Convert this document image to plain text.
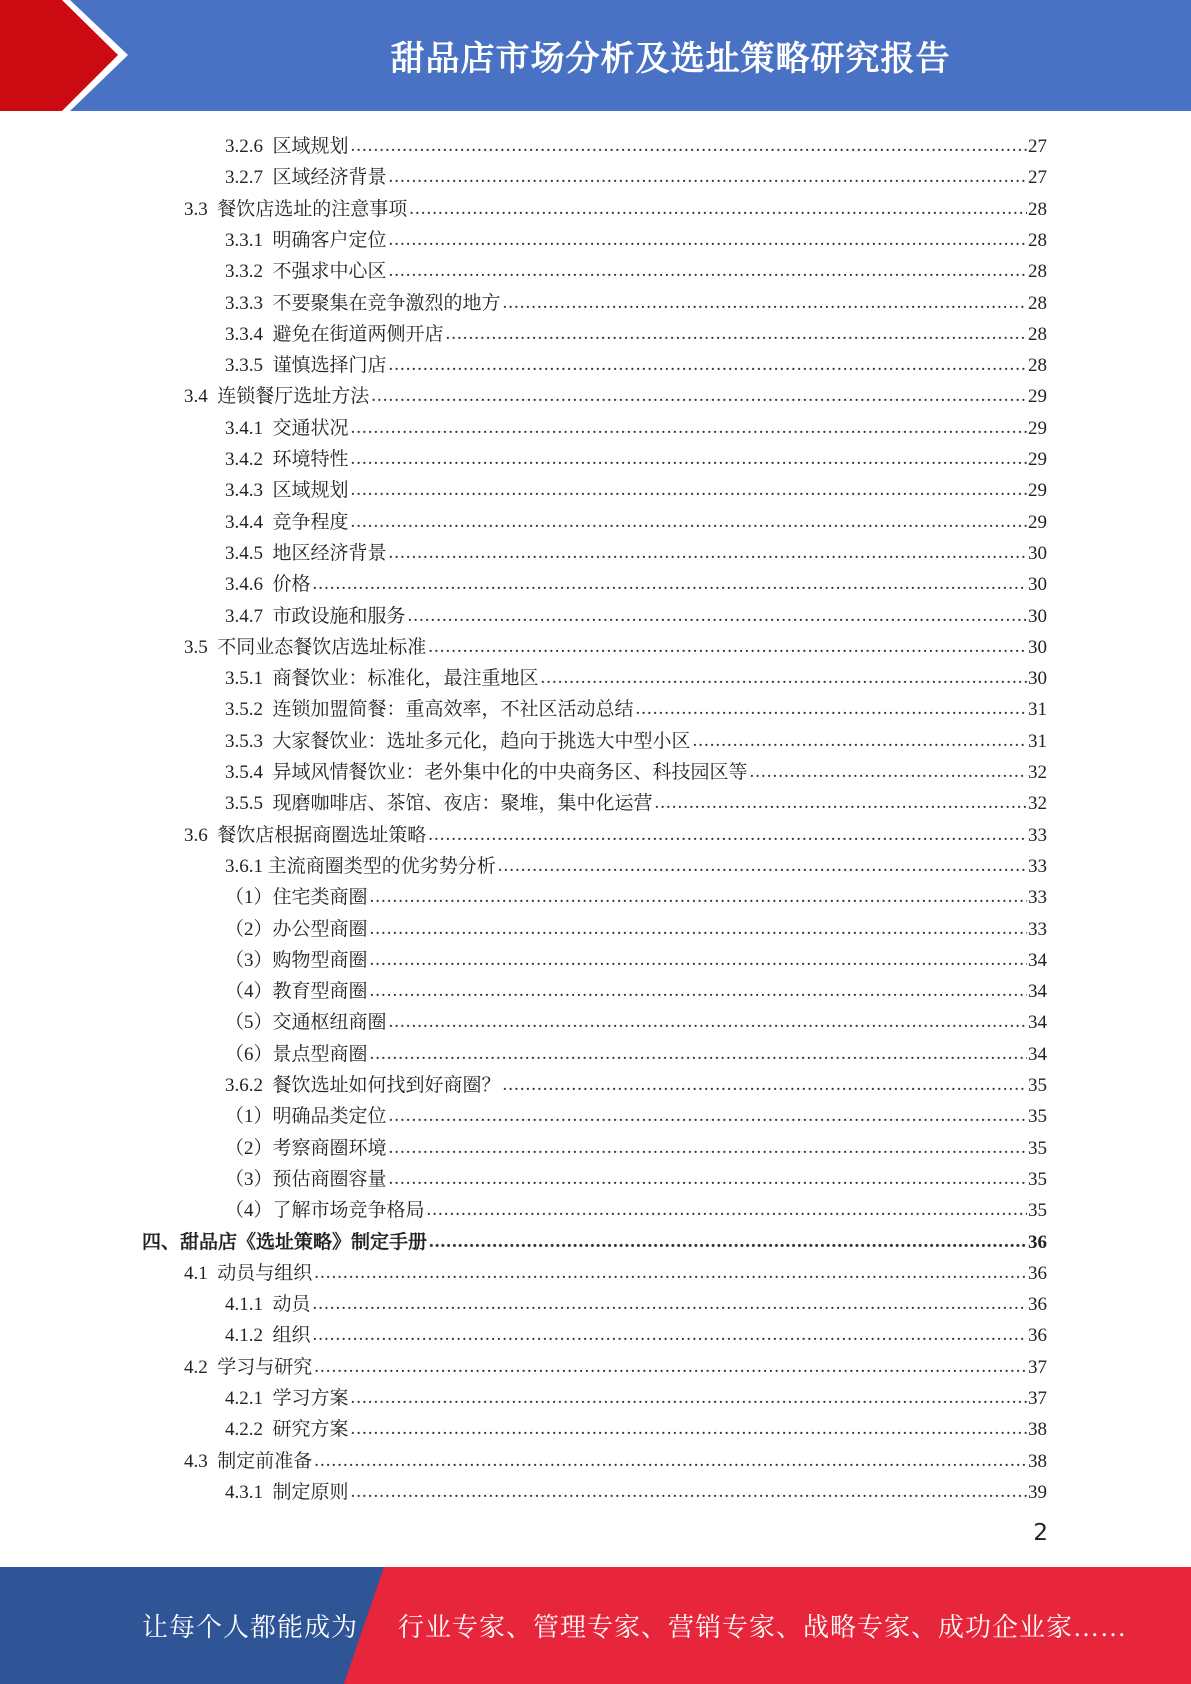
甜品店市场分析及选址策略研究报告
3.2.6  区域规划 .....	27
3.2.7  区域经济背景 .....	27
3.3  餐饮店选址的注意事项 .....	28
3.3.1  明确客户定位 .....	28
3.3.2  不强求中心区 .....	28
3.3.3  不要聚集在竞争激烈的地方 .....	28
3.3.4  避免在街道两侧开店 .....	28
3.3.5  谨慎选择门店 .....	28
3.4  连锁餐厅选址方法 .....	29
3.4.1  交通状况 .....	29
3.4.2  环境特性 .....	29
3.4.3  区域规划 .....	29
3.4.4  竞争程度 .....	29
3.4.5  地区经济背景 .....	30
3.4.6  价格 .....	30
3.4.7  市政设施和服务 .....	30
3.5  不同业态餐饮店选址标准 .....	30
3.5.1  商餐饮业：标准化，最注重地区 .....	30
3.5.2  连锁加盟简餐：重高效率，不社区活动总结 .....	31
3.5.3  大家餐饮业：选址多元化，趋向于挑选大中型小区 .....	31
3.5.4  异域风情餐饮业：老外集中化的中央商务区、科技园区等 .....	32
3.5.5  现磨咖啡店、茶馆、夜店：聚堆，集中化运营 .....	32
3.6  餐饮店根据商圈选址策略 .....	33
3.6.1 主流商圈类型的优劣势分析 .....	33
（1）住宅类商圈 .....	33
（2）办公型商圈 .....	33
（3）购物型商圈 .....	34
（4）教育型商圈 .....	34
（5）交通枢纽商圈 .....	34
（6）景点型商圈 .....	34
3.6.2  餐饮选址如何找到好商圈？ .....	35
（1）明确品类定位 .....	35
（2）考察商圈环境 .....	35
（3）预估商圈容量 .....	35
（4）了解市场竞争格局 .....	35
四、甜品店《选址策略》制定手册 .....	36
4.1  动员与组织 .....	36
4.1.1  动员 .....	36
4.1.2  组织 .....	36
4.2  学习与研究 .....	37
4.2.1  学习方案 .....	37
4.2.2  研究方案 .....	38
4.3  制定前准备 .....	38
4.3.1  制定原则 .....	39
2
让每个人都能成为 行业专家、管理专家、营销专家、战略专家、成功企业家……
